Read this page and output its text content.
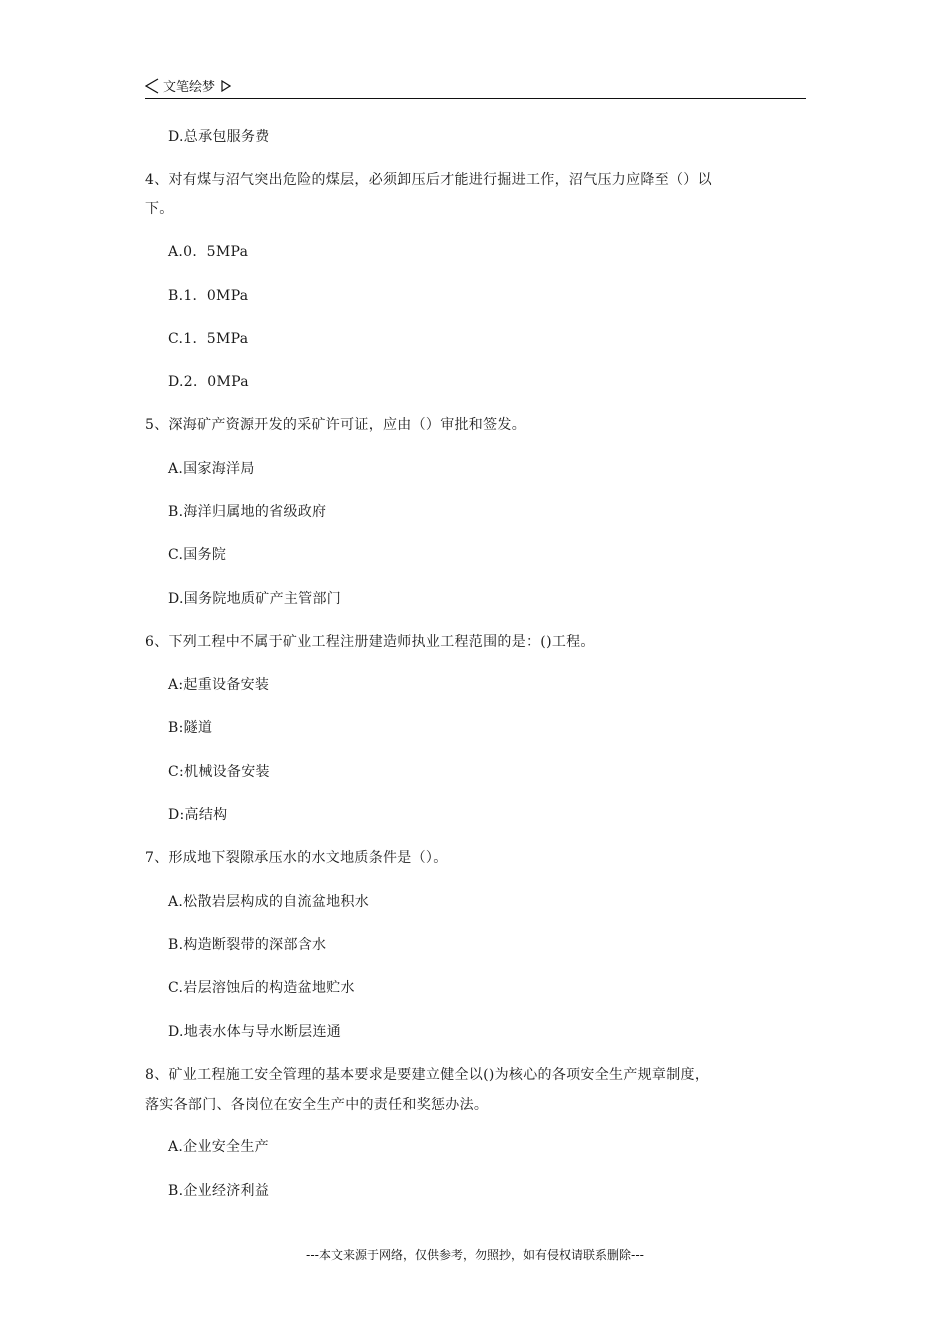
文笔绘梦
D.总承包服务费
4、对有煤与沼气突出危险的煤层，必须卸压后才能进行掘进工作，沼气压力应降至（）以
下。
A.0．5MPa
B.1．0MPa
C.1．5MPa
D.2．0MPa
5、深海矿产资源开发的采矿许可证，应由（）审批和签发。
A.国家海洋局
B.海洋归属地的省级政府
C.国务院
D.国务院地质矿产主管部门
6、下列工程中不属于矿业工程注册建造师执业工程范围的是：()工程。
A:起重设备安装
B:隧道
C:机械设备安装
D:高结构
7、形成地下裂隙承压水的水文地质条件是（）。
A.松散岩层构成的自流盆地积水
B.构造断裂带的深部含水
C.岩层溶蚀后的构造盆地贮水
D.地表水体与导水断层连通
8、矿业工程施工安全管理的基本要求是要建立健全以()为核心的各项安全生产规章制度，
落实各部门、各岗位在安全生产中的责任和奖惩办法。
A.企业安全生产
B.企业经济利益
---本文来源于网络，仅供参考，勿照抄，如有侵权请联系删除---
